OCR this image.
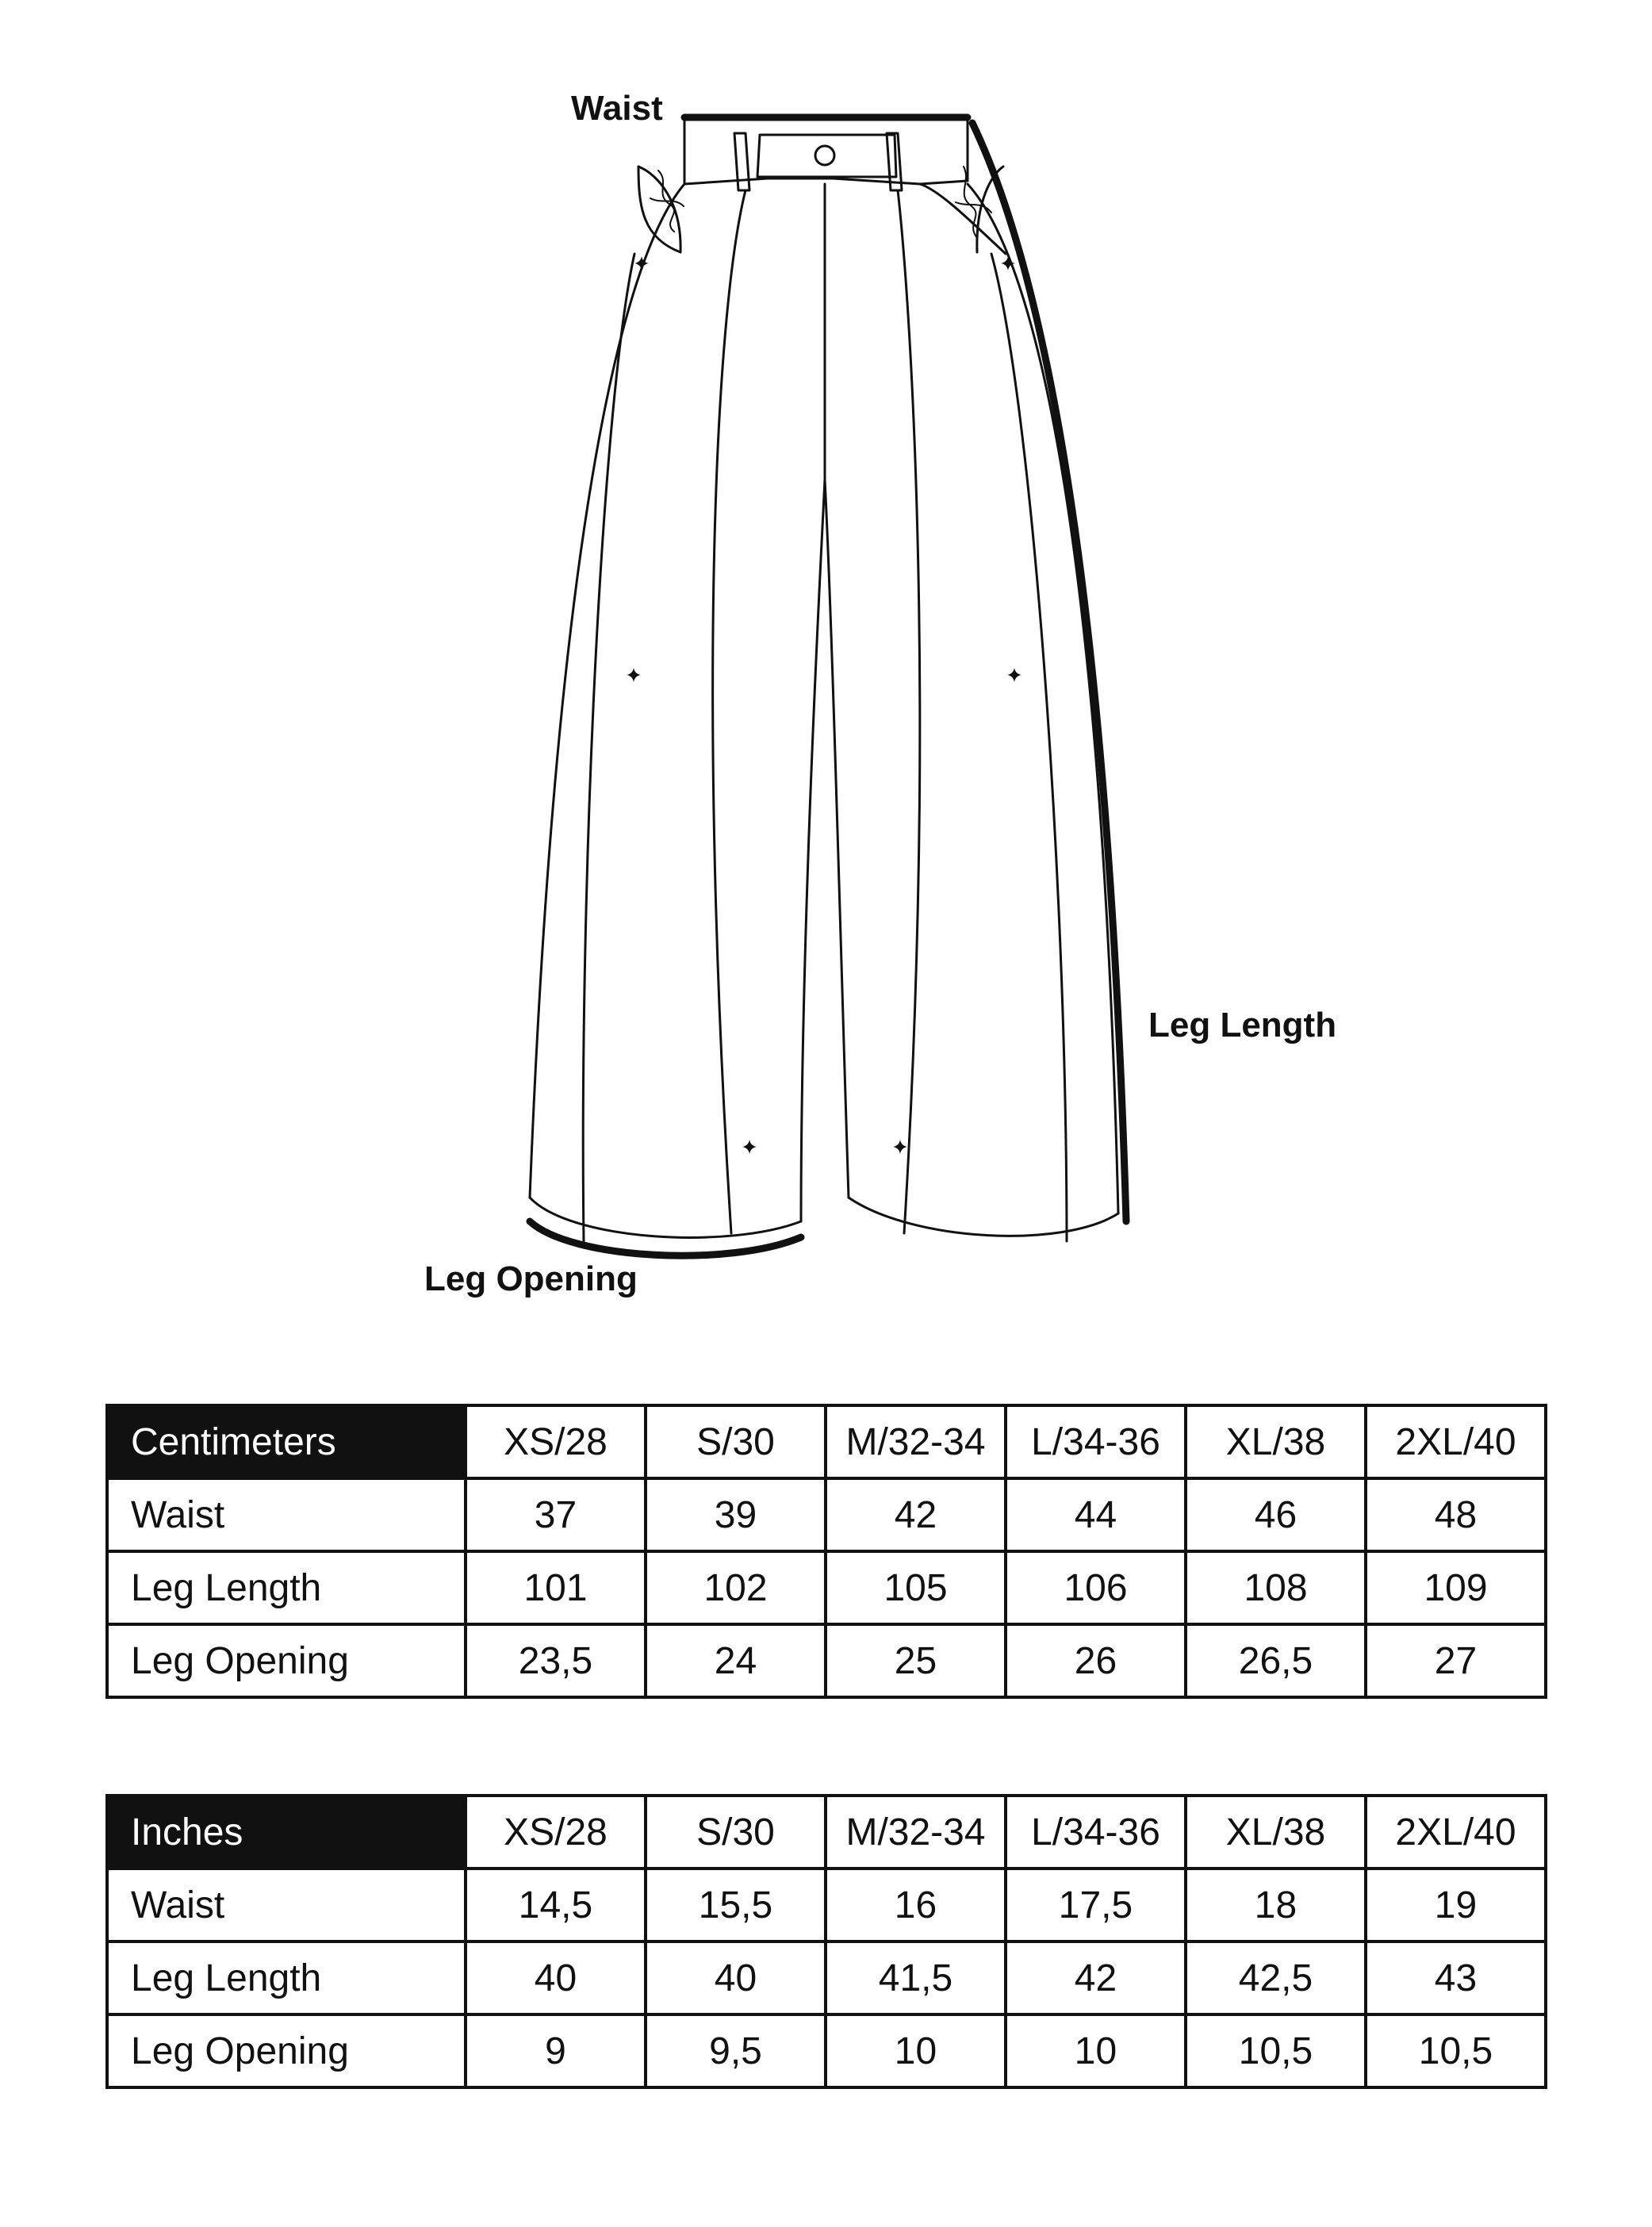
Waist
Leg Length
Leg Opening
Centimeters	XS/28	S/30	M/32-34	L/34-36	XL/38	2XL/40
Waist	37	39	42	44	46	48
Leg Length	101	102	105	106	108	109
Leg Opening	23,5	24	25	26	26,5	27
Inches	XS/28	S/30	M/32-34	L/34-36	XL/38	2XL/40
Waist	14,5	15,5	16	17,5	18	19
Leg Length	40	40	41,5	42	42,5	43
Leg Opening	9	9,5	10	10	10,5	10,5
